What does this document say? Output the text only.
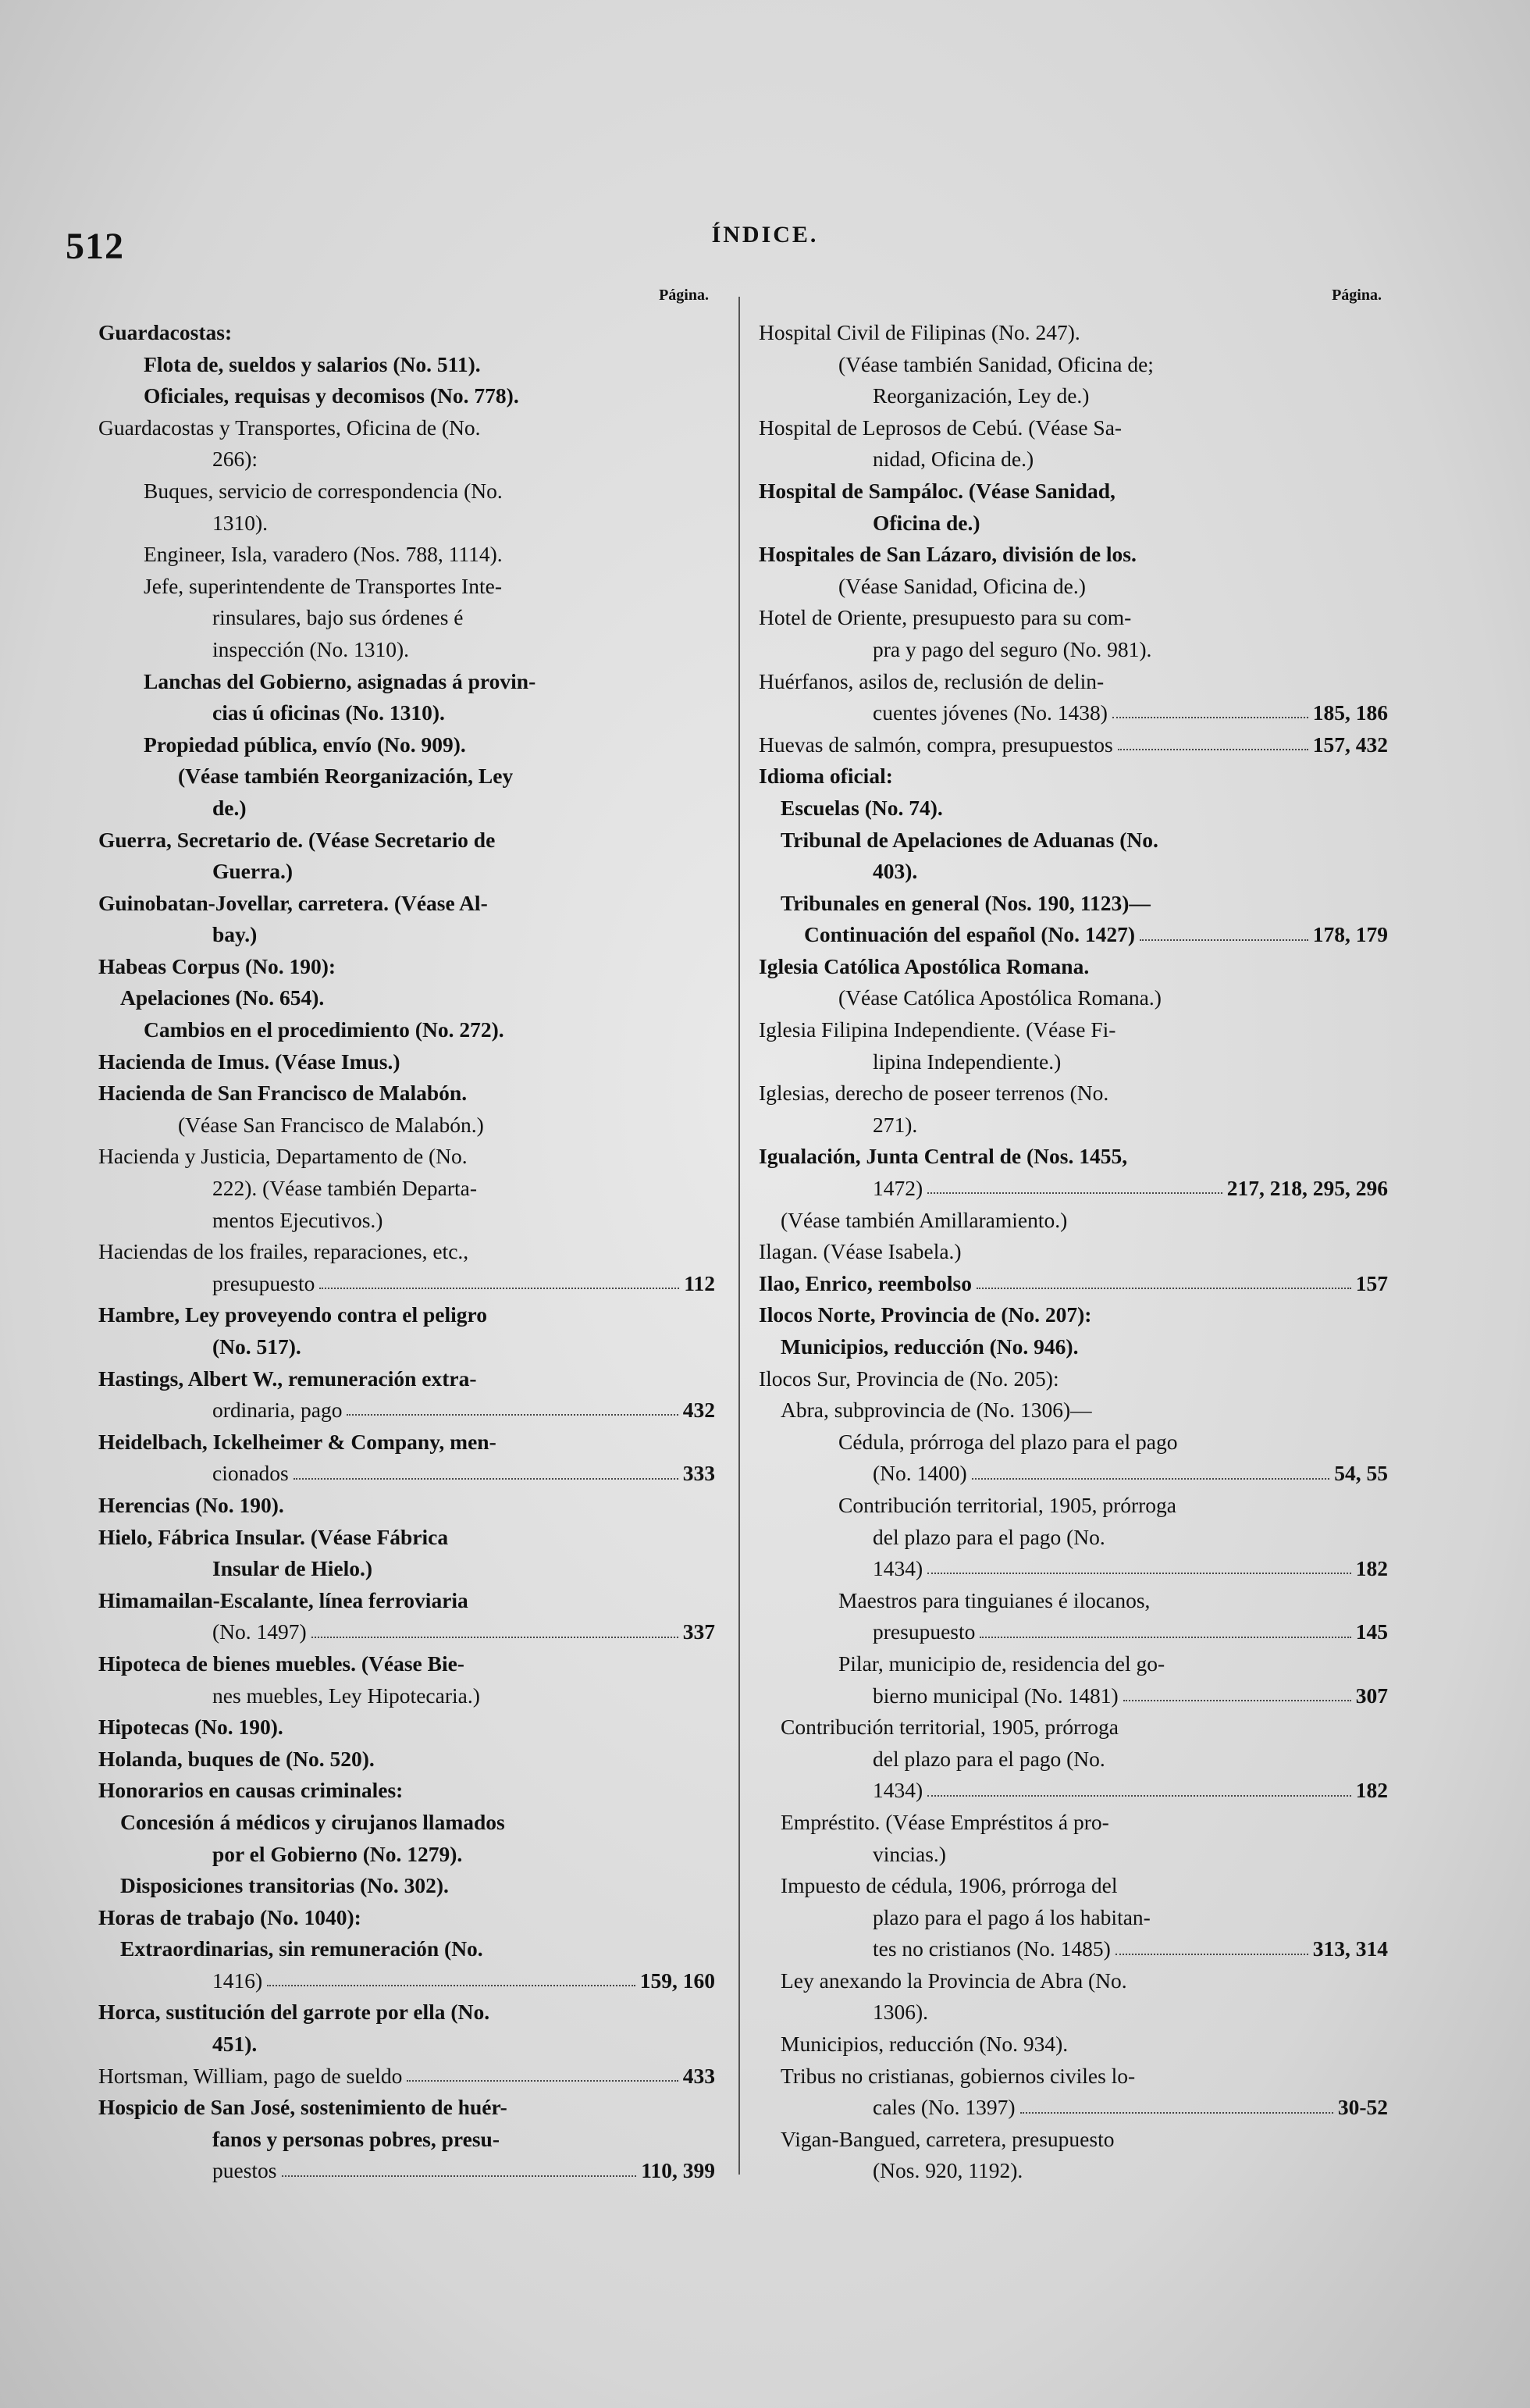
512	ÍNDICE.
Página.
Guardacostas:
Flota de, sueldos y salarios (No. 511).
Oficiales, requisas y decomisos (No. 778).
Guardacostas y Transportes, Oficina de (No.
266):
Buques, servicio de correspondencia (No.
1310).
Engineer, Isla, varadero (Nos. 788, 1114).
Jefe, superintendente de Transportes Inte-
rinsulares, bajo sus órdenes é
inspección (No. 1310).
Lanchas del Gobierno, asignadas á provin-
cias ú oficinas (No. 1310).
Propiedad pública, envío (No. 909).
(Véase también Reorganización, Ley
de.)
Guerra, Secretario de. (Véase Secretario de
Guerra.)
Guinobatan-Jovellar, carretera. (Véase Al-
bay.)
Habeas Corpus (No. 190):
Apelaciones (No. 654).
Cambios en el procedimiento (No. 272).
Hacienda de Imus. (Véase Imus.)
Hacienda de San Francisco de Malabón.
(Véase San Francisco de Malabón.)
Hacienda y Justicia, Departamento de (No.
222). (Véase también Departa-
mentos Ejecutivos.)
Haciendas de los frailes, reparaciones, etc.,
presupuesto	112
Hambre, Ley proveyendo contra el peligro
(No. 517).
Hastings, Albert W., remuneración extra-
ordinaria, pago	432
Heidelbach, Ickelheimer & Company, men-
cionados	333
Herencias (No. 190).
Hielo, Fábrica Insular. (Véase Fábrica
Insular de Hielo.)
Himamailan-Escalante, línea ferroviaria
(No. 1497)	337
Hipoteca de bienes muebles. (Véase Bie-
nes muebles, Ley Hipotecaria.)
Hipotecas (No. 190).
Holanda, buques de (No. 520).
Honorarios en causas criminales:
Concesión á médicos y cirujanos llamados
por el Gobierno (No. 1279).
Disposiciones transitorias (No. 302).
Horas de trabajo (No. 1040):
Extraordinarias, sin remuneración (No.
1416)	159, 160
Horca, sustitución del garrote por ella (No.
451).
Hortsman, William, pago de sueldo	433
Hospicio de San José, sostenimiento de huér-
fanos y personas pobres, presu-
puestos	110, 399
Página.
Hospital Civil de Filipinas (No. 247).
(Véase también Sanidad, Oficina de;
Reorganización, Ley de.)
Hospital de Leprosos de Cebú. (Véase Sa-
nidad, Oficina de.)
Hospital de Sampáloc. (Véase Sanidad,
Oficina de.)
Hospitales de San Lázaro, división de los.
(Véase Sanidad, Oficina de.)
Hotel de Oriente, presupuesto para su com-
pra y pago del seguro (No. 981).
Huérfanos, asilos de, reclusión de delin-
cuentes jóvenes (No. 1438)	185, 186
Huevas de salmón, compra, presupuestos	157, 432
Idioma oficial:
Escuelas (No. 74).
Tribunal de Apelaciones de Aduanas (No.
403).
Tribunales en general (Nos. 190, 1123)—
Continuación del español (No. 1427)	178, 179
Iglesia Católica Apostólica Romana.
(Véase Católica Apostólica Romana.)
Iglesia Filipina Independiente. (Véase Fi-
lipina Independiente.)
Iglesias, derecho de poseer terrenos (No.
271).
Igualación, Junta Central de (Nos. 1455,
1472)	217, 218, 295, 296
(Véase también Amillaramiento.)
Ilagan. (Véase Isabela.)
Ilao, Enrico, reembolso	157
Ilocos Norte, Provincia de (No. 207):
Municipios, reducción (No. 946).
Ilocos Sur, Provincia de (No. 205):
Abra, subprovincia de (No. 1306)—
Cédula, prórroga del plazo para el pago
(No. 1400)	54, 55
Contribución territorial, 1905, prórroga
del plazo para el pago (No.
1434)	182
Maestros para tinguianes é ilocanos,
presupuesto	145
Pilar, municipio de, residencia del go-
bierno municipal (No. 1481)	307
Contribución territorial, 1905, prórroga
del plazo para el pago (No.
1434)	182
Empréstito. (Véase Empréstitos á pro-
vincias.)
Impuesto de cédula, 1906, prórroga del
plazo para el pago á los habitan-
tes no cristianos (No. 1485)	313, 314
Ley anexando la Provincia de Abra (No.
1306).
Municipios, reducción (No. 934).
Tribus no cristianas, gobiernos civiles lo-
cales (No. 1397)	30-52
Vigan-Bangued, carretera, presupuesto
(Nos. 920, 1192).
